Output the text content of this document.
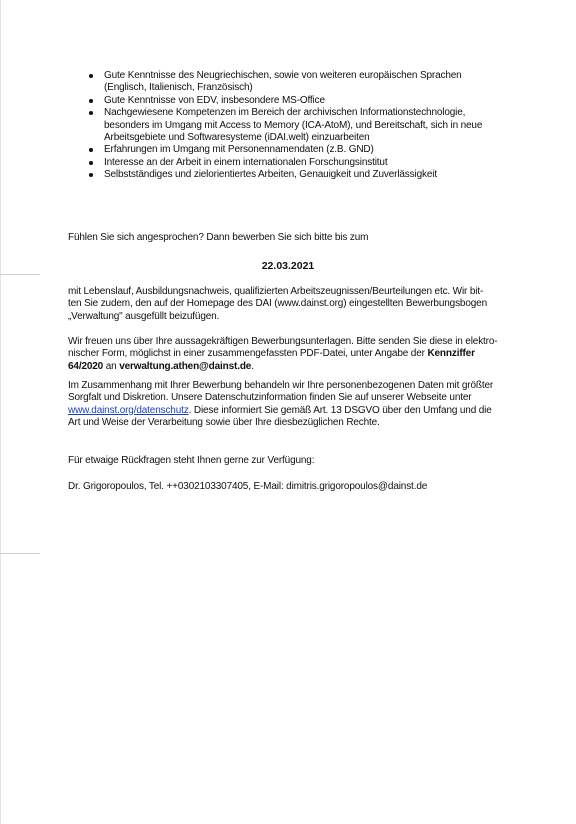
Gute Kenntnisse des Neugriechischen, sowie von weiteren europäischen Sprachen
(Englisch, Italienisch, Französisch)
Gute Kenntnisse von EDV, insbesondere MS-Office
Nachgewiesene Kompetenzen im Bereich der archivischen Informationstechnologie,
besonders im Umgang mit Access to Memory (ICA-AtoM), und Bereitschaft, sich in neue
Arbeitsgebiete und Softwaresysteme (iDAI.welt) einzuarbeiten
Erfahrungen im Umgang mit Personennamendaten (z.B. GND)
Interesse an der Arbeit in einem internationalen Forschungsinstitut
Selbstständiges und zielorientiertes Arbeiten, Genauigkeit und Zuverlässigkeit
Fühlen Sie sich angesprochen? Dann bewerben Sie sich bitte bis zum
22.03.2021
mit Lebenslauf, Ausbildungsnachweis, qualifizierten Arbeitszeugnissen/Beurteilungen etc. Wir bit-
ten Sie zudem, den auf der Homepage des DAI (www.dainst.org) eingestellten Bewerbungsbogen
„Verwaltung" ausgefüllt beizufügen.
Wir freuen uns über Ihre aussagekräftigen Bewerbungsunterlagen. Bitte senden Sie diese in elektro-
nischer Form, möglichst in einer zusammengefassten PDF-Datei, unter Angabe der Kennziffer
64/2020 an verwaltung.athen@dainst.de.
Im Zusammenhang mit Ihrer Bewerbung behandeln wir Ihre personenbezogenen Daten mit größter
Sorgfalt und Diskretion. Unsere Datenschutzinformation finden Sie auf unserer Webseite unter
www.dainst.org/datenschutz. Diese informiert Sie gemäß Art. 13 DSGVO über den Umfang und die
Art und Weise der Verarbeitung sowie über Ihre diesbezüglichen Rechte.
Für etwaige Rückfragen steht Ihnen gerne zur Verfügung:
Dr. Grigoropoulos, Tel. ++0302103307405, E-Mail: dimitris.grigoropoulos@dainst.de
